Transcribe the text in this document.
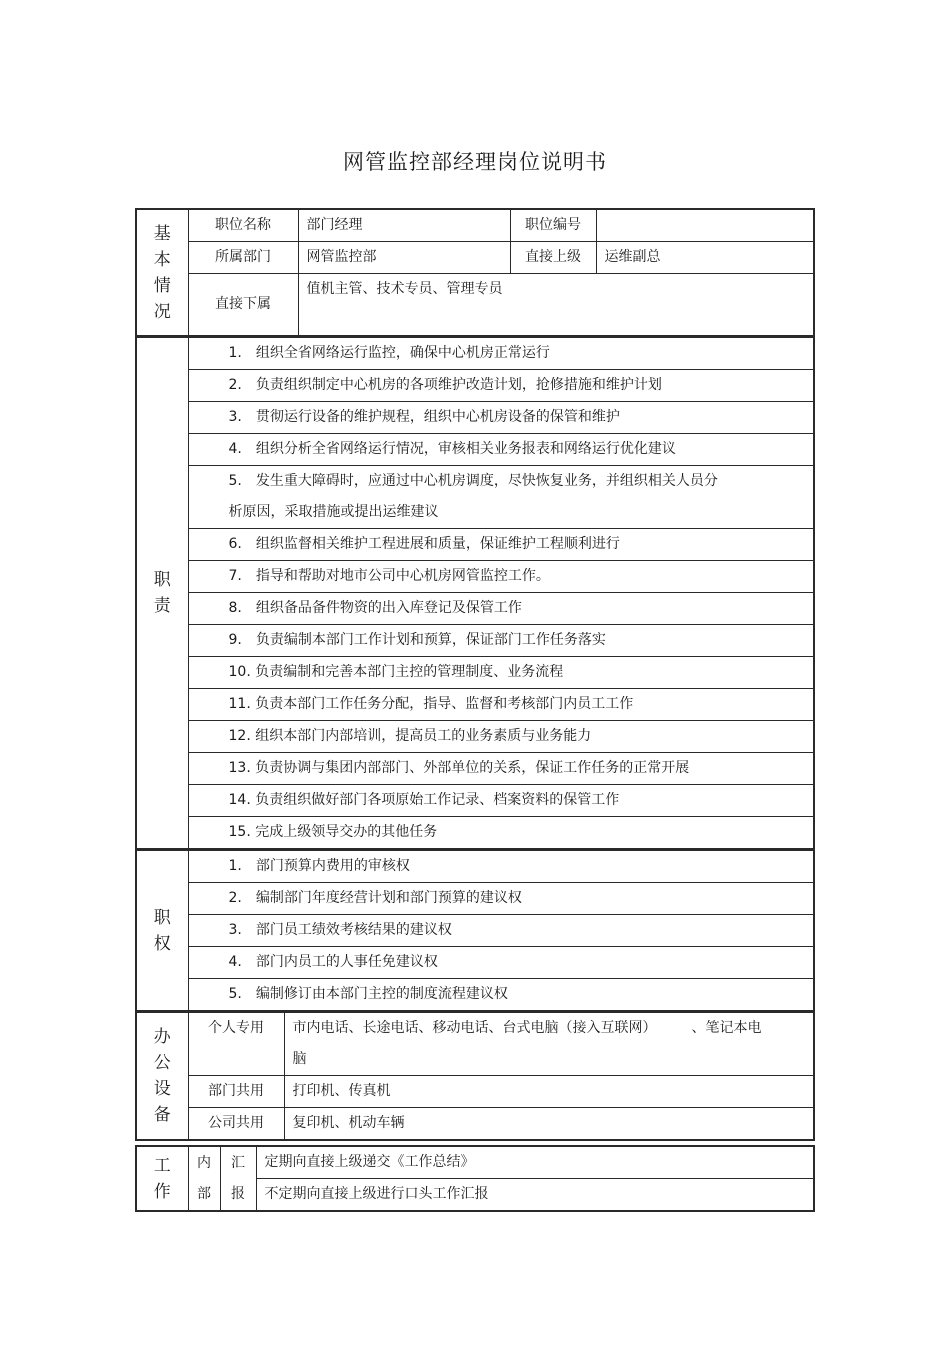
网管监控部经理岗位说明书
基本情况	职位名称	部门经理	职位编号	
	所属部门	网管监控部	直接上级	运维副总
	直接下属	值机主管、技术专员、管理专员		
职责	1.　组织全省网络运行监控，确保中心机房正常运行
2.　负责组织制定中心机房的各项维护改造计划，抢修措施和维护计划
3.　贯彻运行设备的维护规程，组织中心机房设备的保管和维护
4.　组织分析全省网络运行情况，审核相关业务报表和网络运行优化建议
5.　发生重大障碍时，应通过中心机房调度，尽快恢复业务，并组织相关人员分
析原因，采取措施或提出运维建议
6.　组织监督相关维护工程进展和质量，保证维护工程顺利进行
7.　指导和帮助对地市公司中心机房网管监控工作。
8.　组织备品备件物资的出入库登记及保管工作
9.　负责编制本部门工作计划和预算，保证部门工作任务落实
10. 负责编制和完善本部门主控的管理制度、业务流程
11. 负责本部门工作任务分配，指导、监督和考核部门内员工工作
12. 组织本部门内部培训，提高员工的业务素质与业务能力
13. 负责协调与集团内部部门、外部单位的关系，保证工作任务的正常开展
14. 负责组织做好部门各项原始工作记录、档案资料的保管工作
15. 完成上级领导交办的其他任务
职权	1.　部门预算内费用的审核权
2.　编制部门年度经营计划和部门预算的建议权
3.　部门员工绩效考核结果的建议权
4.　部门内员工的人事任免建议权
5.　编制修订由本部门主控的制度流程建议权
办公设备	个人专用	市内电话、长途电话、移动电话、台式电脑（接入互联网）　　　、笔记本电
脑

	部门共用	打印机、传真机
	公司共用	复印机、机动车辆
工作	内部	汇报	定期向直接上级递交《工作总结》
不定期向直接上级进行口头工作汇报
